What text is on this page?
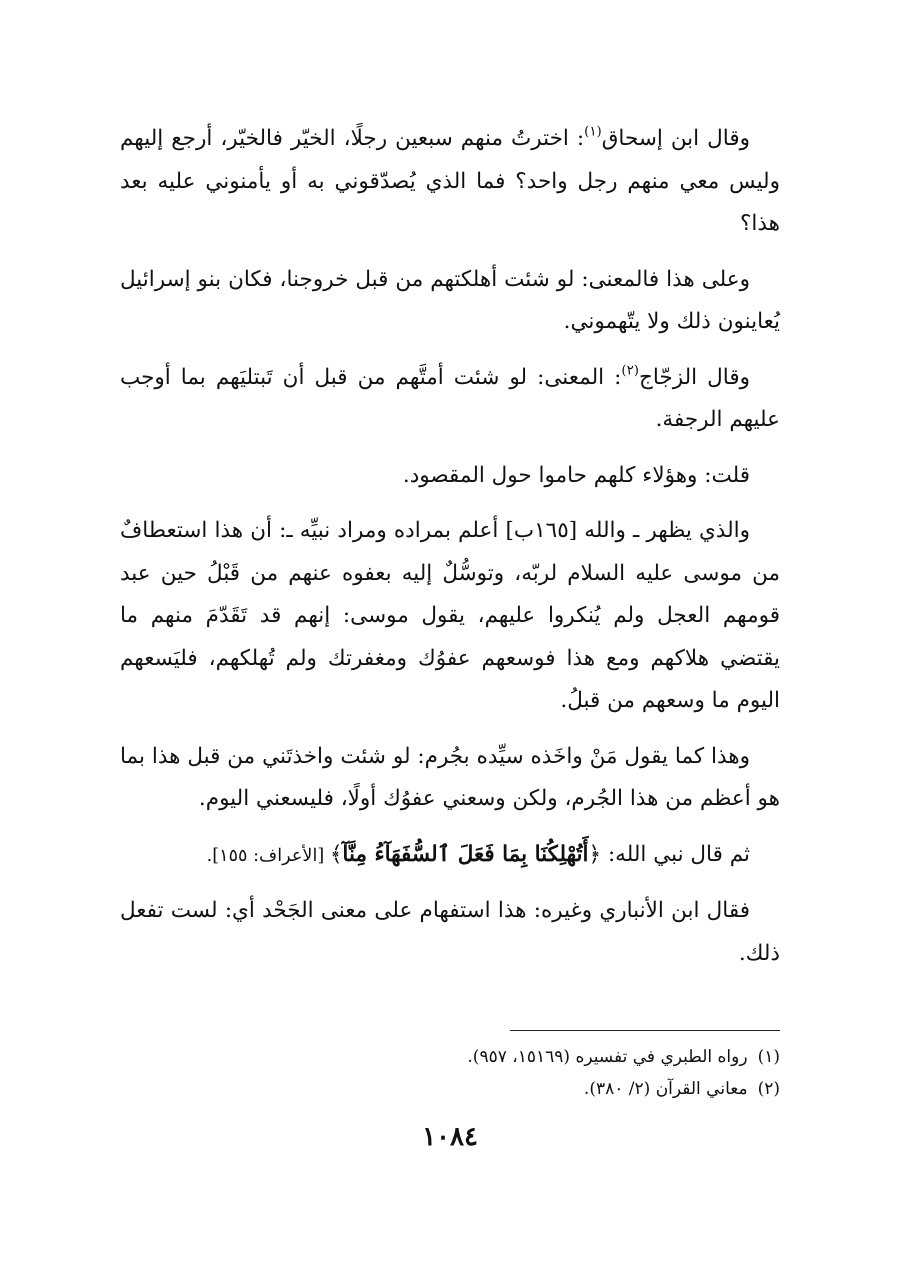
وقال ابن إسحاق$^{(١)}$: اخترتُ منهم سبعين رجلًا، الخيّر فالخيّر، أرجع إليهم وليس معي منهم رجل واحد؟ فما الذي يُصدّقوني به أو يأمنوني عليه بعد هذا؟

وعلى هذا فالمعنى: لو شئت أهلكتهم من قبل خروجنا، فكان بنو إسرائيل يُعاينون ذلك ولا يتّهموني.

وقال الزجّاج$^{(٢)}$: المعنى: لو شئت أمتَّهم من قبل أن تَبتليَهم بما أوجب عليهم الرجفة.

قلت: وهؤلاء كلهم حاموا حول المقصود.

والذي يظهر ـ والله [١٦٥ب] أعلم بمراده ومراد نبيِّه ـ: أن هذا استعطافٌ من موسى عليه السلام لربّه، وتوسُّلٌ إليه بعفوه عنهم من قَبْلُ حين عبد قومهم العجل ولم يُنكروا عليهم، يقول موسى: إنهم قد تَقَدّمَ منهم ما يقتضي هلاكهم ومع هذا فوسعهم عفوُك ومغفرتك ولم تُهلكهم، فليَسعهم اليوم ما وسعهم من قبلُ.

وهذا كما يقول مَنْ واخَذه سيِّده بجُرم: لو شئت واخذتَني من قبل هذا بما هو أعظم من هذا الجُرم، ولكن وسعني عفوُك أولًا، فليسعني اليوم.

ثم قال نبي الله: ﴿أَتُهْلِكُنَا بِمَا فَعَلَ ٱلسُّفَهَآءُ مِنَّآ﴾ [الأعراف: ١٥٥].

فقال ابن الأنباري وغيره: هذا استفهام على معنى الجَحْد أي: لست تفعل ذلك.

(١)رواه الطبري في تفسيره (١٥١٦٩، ٩٥٧).

(٢)معاني القرآن (٢/ ٣٨٠).

١٠٨٤
